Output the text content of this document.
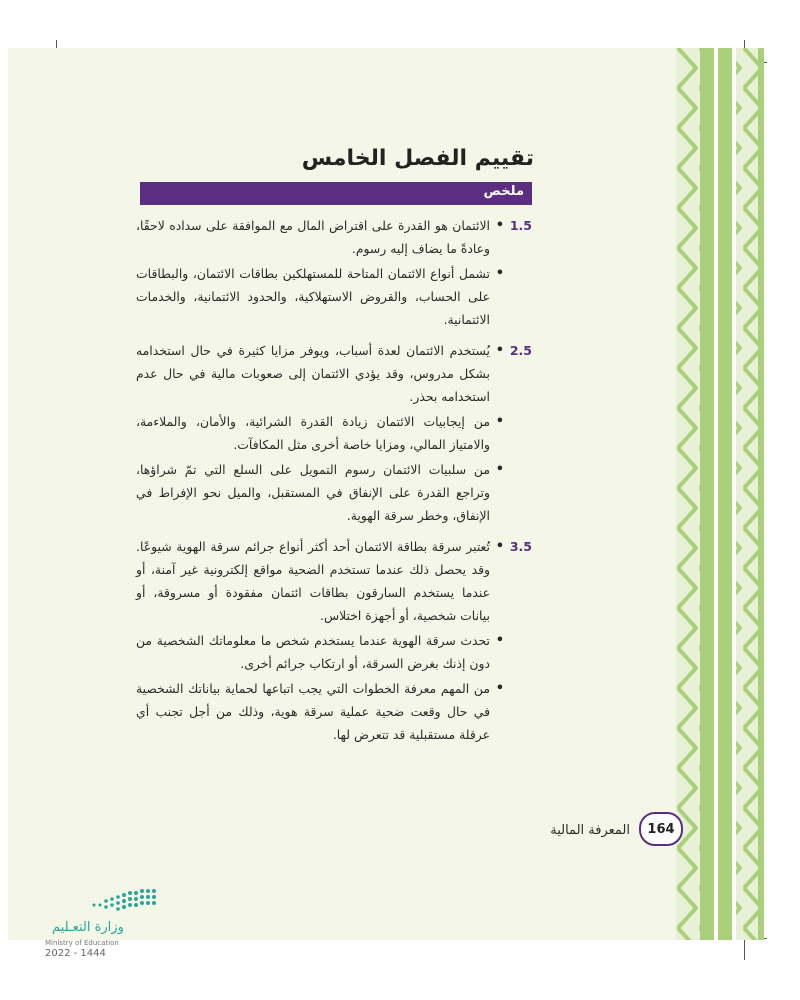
تقييم الفصل الخامس
ملخص
1.5
•
الائتمان هو القدرة على اقتراض المال مع الموافقة على سداده لاحقًا، وعادةً ما يضاف إليه رسوم.
•
تشمل أنواع الائتمان المتاحة للمستهلكين بطاقات الائتمان، والبطاقات على الحساب، والقروض الاستهلاكية، والحدود الائتمانية، والخدمات الائتمانية.
2.5
•
يُستخدم الائتمان لعدة أسباب، ويوفر مزايا كثيرة في حال استخدامه بشكل مدروس، وقد يؤدي الائتمان إلى صعوبات مالية في حال عدم استخدامه بحذر.
•
من إيجابيات الائتمان زيادة القدرة الشرائية، والأمان، والملاءمة، والامتياز المالي، ومزايا خاصة أخرى مثل المكافآت.
•
من سلبيات الائتمان رسوم التمويل على السلع التي تمّ شراؤها، وتراجع القدرة على الإنفاق في المستقبل، والميل نحو الإفراط في الإنفاق، وخطر سرقة الهوية.
3.5
•
تُعتبر سرقة بطاقة الائتمان أحد أكثر أنواع جرائم سرقة الهوية شيوعًا. وقد يحصل ذلك عندما تستخدم الضحية مواقع إلكترونية غير آمنة، أو عندما يستخدم السارقون بطاقات ائتمان مفقودة أو مسروقة، أو بيانات شخصية، أو أجهزة اختلاس.
•
تحدث سرقة الهوية عندما يستخدم شخص ما معلوماتك الشخصية من دون إذنك بغرض السرقة، أو ارتكاب جرائم أخرى.
•
من المهم معرفة الخطوات التي يجب اتباعها لحماية بياناتك الشخصية في حال وقعت ضحية عملية سرقة هوية، وذلك من أجل تجنب أي عرقلة مستقبلية قد تتعرض لها.
المعرفة المالية 164
وزارة التعـليم
Ministry of Education
2022 - 1444
